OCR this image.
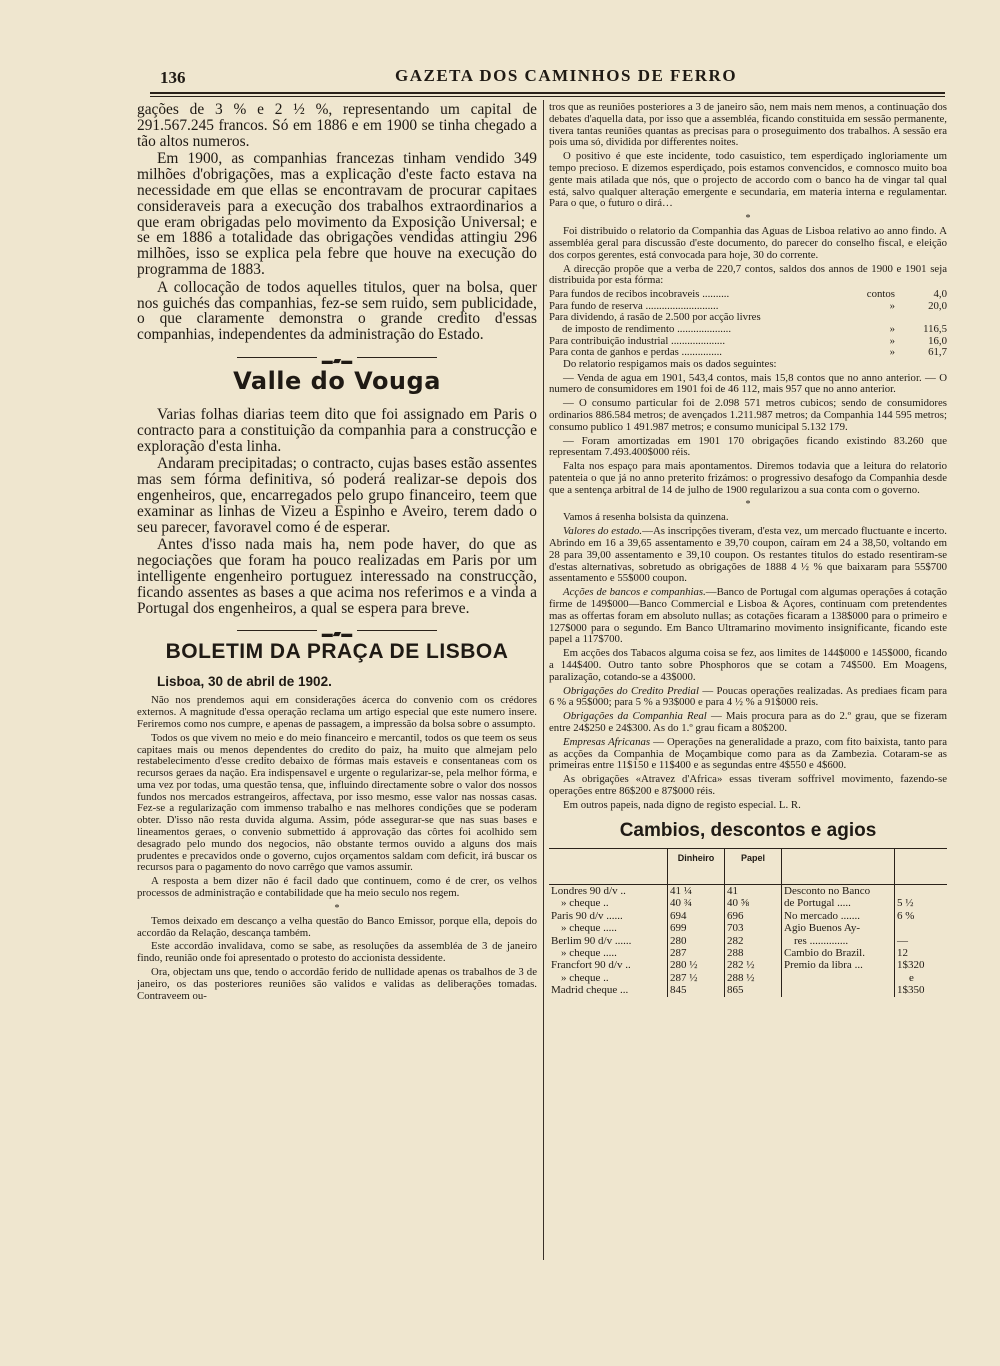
136	GAZETA DOS CAMINHOS DE FERRO

gações de 3 % e 2 ½ %, representando um capital de 291.567.245 francos. Só em 1886 e em 1900 se tinha chegado a tão altos numeros.

Em 1900, as companhias francezas tinham vendido 349 milhões d'obrigações, mas a explicação d'este facto estava na necessidade em que ellas se encontravam de procurar capitaes consideraveis para a execução dos trabalhos extraordinarios a que eram obrigadas pelo movimento da Exposição Universal; e se em 1886 a totalidade das obrigações vendidas attingiu 296 milhões, isso se explica pela febre que houve na execução do programma de 1883.

A collocação de todos aquelles titulos, quer na bolsa, quer nos guichés das companhias, fez-se sem ruido, sem publicidade, o que claramente demonstra o grande credito d'essas companhias, independentes da administração do Estado.

▬▰▬
Valle do Vouga

Varias folhas diarias teem dito que foi assignado em Paris o contracto para a constituição da companhia para a construcção e exploração d'esta linha.

Andaram precipitadas; o contracto, cujas bases estão assentes mas sem fórma definitiva, só poderá realizar-se depois dos engenheiros, que, encarregados pelo grupo financeiro, teem que examinar as linhas de Vizeu a Espinho e Aveiro, terem dado o seu parecer, favoravel como é de esperar.

Antes d'isso nada mais ha, nem pode haver, do que as negociações que foram ha pouco realizadas em Paris por um intelligente engenheiro portuguez interessado na construcção, ficando assentes as bases a que acima nos referimos e a vinda a Portugal dos engenheiros, a qual se espera para breve.

▬▰▬
BOLETIM DA PRAÇA DE LISBOA
Lisboa, 30 de abril de 1902.

Não nos prendemos aqui em considerações ácerca do convenio com os crédores externos. A magnitude d'essa operação reclama um artigo especial que este numero insere. Feriremos como nos cumpre, e apenas de passagem, a impressão da bolsa sobre o assumpto.

Todos os que vivem no meio e do meio financeiro e mercantil, todos os que teem os seus capitaes mais ou menos dependentes do credito do paiz, ha muito que almejam pelo restabelecimento d'esse credito debaixo de fórmas mais estaveis e consentaneas com os recursos geraes da nação. Era indispensavel e urgente o regularizar-se, pela melhor fórma, e uma vez por todas, uma questão tensa, que, influindo directamente sobre o valor dos nossos fundos nos mercados estrangeiros, affectava, por isso mesmo, esse valor nas nossas casas. Fez-se a regularização com immenso trabalho e nas melhores condições que se poderam obter. D'isso não resta duvida alguma. Assim, póde assegurar-se que nas suas bases e lineamentos geraes, o convenio submettido á approvação das côrtes foi acolhido sem desagrado pelo mundo dos negocios, não obstante termos ouvido a alguns dos mais prudentes e precavidos onde o governo, cujos orçamentos saldam com deficit, irá buscar os recursos para o pagamento do novo carrêgo que vamos assumir.

A resposta a bem dizer não é facil dado que continuem, como é de crer, os velhos processos de administração e contabilidade que ha meio seculo nos regem.

*

Temos deixado em descanço a velha questão do Banco Emissor, porque ella, depois do accordão da Relação, descança também.

Este accordão invalidava, como se sabe, as resoluções da assembléa de 3 de janeiro findo, reunião onde foi apresentado o protesto do accionista dessidente.

Ora, objectam uns que, tendo o accordão ferido de nullidade apenas os trabalhos de 3 de janeiro, os das posteriores reuniões são validos e validas as deliberações tomadas. Contraveem ou-

tros que as reuniões posteriores a 3 de janeiro são, nem mais nem menos, a continuação dos debates d'aquella data, por isso que a assembléa, ficando constituida em sessão permanente, tivera tantas reuniões quantas as precisas para o proseguimento dos trabalhos. A sessão era pois uma só, dividida por differentes noites.

O positivo é que este incidente, todo casuistico, tem esperdiçado ingloriamente um tempo precioso. E dizemos esperdiçado, pois estamos convencidos, e comnosco muito boa gente mais atilada que nós, que o projecto de accordo com o banco ha de vingar tal qual está, salvo qualquer alteração emergente e secundaria, em materia interna e regulamentar. Para o que, o futuro o dirá…

*

Foi distribuido o relatorio da Companhia das Aguas de Lisboa relativo ao anno findo. A assembléa geral para discussão d'este documento, do parecer do conselho fiscal, e eleição dos corpos gerentes, está convocada para hoje, 30 do corrente.

A direcção propõe que a verba de 220,7 contos, saldos dos annos de 1900 e 1901 seja distribuida por esta fórma:

Para fundos de recibos incobraveis ..........	contos	4,0
Para fundo de reserva ...........................	»	20,0
Para dividendo, á rasão de 2.500 por acção livres
de imposto de rendimento ....................	»	116,5
Para contribuição industrial ....................	»	16,0
Para conta de ganhos e perdas ...............	»	61,7

Do relatorio respigamos mais os dados seguintes:

— Venda de agua em 1901, 543,4 contos, mais 15,8 contos que no anno anterior. — O numero de consumidores em 1901 foi de 46 112, mais 957 que no anno anterior.

— O consumo particular foi de 2.098 571 metros cubicos; sendo de consumidores ordinarios 886.584 metros; de avençados 1.211.987 metros; da Companhia 144 595 metros; consumo publico 1 491.987 metros; e consumo municipal 5.132 179.

— Foram amortizadas em 1901 170 obrigações ficando existindo 83.260 que representam 7.493.400$000 réis.

Falta nos espaço para mais apontamentos. Diremos todavia que a leitura do relatorio patenteia o que já no anno preterito frizámos: o progressivo desafogo da Companhia desde que a sentença arbitral de 14 de julho de 1900 regularizou a sua conta com o governo.

*

Vamos á resenha bolsista da quinzena.

Valores do estado.—As inscripções tiveram, d'esta vez, um mercado fluctuante e incerto. Abrindo em 16 a 39,65 assentamento e 39,70 coupon, caíram em 24 a 38,50, voltando em 28 para 39,00 assentamento e 39,10 coupon. Os restantes titulos do estado resentiram-se d'estas alternativas, sobretudo as obrigações de 1888 4 ½ % que baixaram para 55$700 assentamento e 55$000 coupon.

Acções de bancos e companhias.—Banco de Portugal com algumas operações á cotação firme de 149$000—Banco Commercial e Lisboa & Açores, continuam com pretendentes mas as offertas foram em absoluto nullas; as cotações ficaram a 138$000 para o primeiro e 127$000 para o segundo. Em Banco Ultramarino movimento insignificante, ficando este papel a 117$700.

Em acções dos Tabacos alguma coisa se fez, aos limites de 144$000 e 145$000, ficando a 144$400. Outro tanto sobre Phosphoros que se cotam a 74$500. Em Moagens, paralização, cotando-se a 43$000.

Obrigações do Credito Predial — Poucas operações realizadas. As prediaes ficam para 6 % a 95$000; para 5 % a 93$000 e para 4 ½ % a 91$000 reis.

Obrigações da Companhia Real — Mais procura para as do 2.º grau, que se fizeram entre 24$250 e 24$300. As do 1.º grau ficam a 80$200.

Empresas Africanas — Operações na generalidade a prazo, com fito baixista, tanto para as acções da Companhia de Moçambique como para as da Zambezia. Cotaram-se as primeiras entre 11$150 e 11$400 e as segundas entre 4$550 e 4$600.

As obrigações «Atravez d'Africa» essas tiveram soffrivel movimento, fazendo-se operações entre 86$200 e 87$000 réis.

Em outros papeis, nada digno de registo especial. L. R.

Cambios, descontos e agios
	Dinheiro	Papel		
Londres 90 d/v ..	41 ¼	41	Desconto no Banco	
» cheque ..	40 ¾	40 ⅝	de Portugal .....	5 ½
Paris 90 d/v ......	694	696	No mercado .......	6 %
» cheque .....	699	703	Agio Buenos Ay-	
Berlim 90 d/v ......	280	282	res ..............	—
» cheque .....	287	288	Cambio do Brazil.	12
Francfort 90 d/v ..	280 ½	282 ½	Premio da libra ...	1$320
» cheque ..	287 ½	288 ½		e
Madrid cheque ...	845	865		1$350
